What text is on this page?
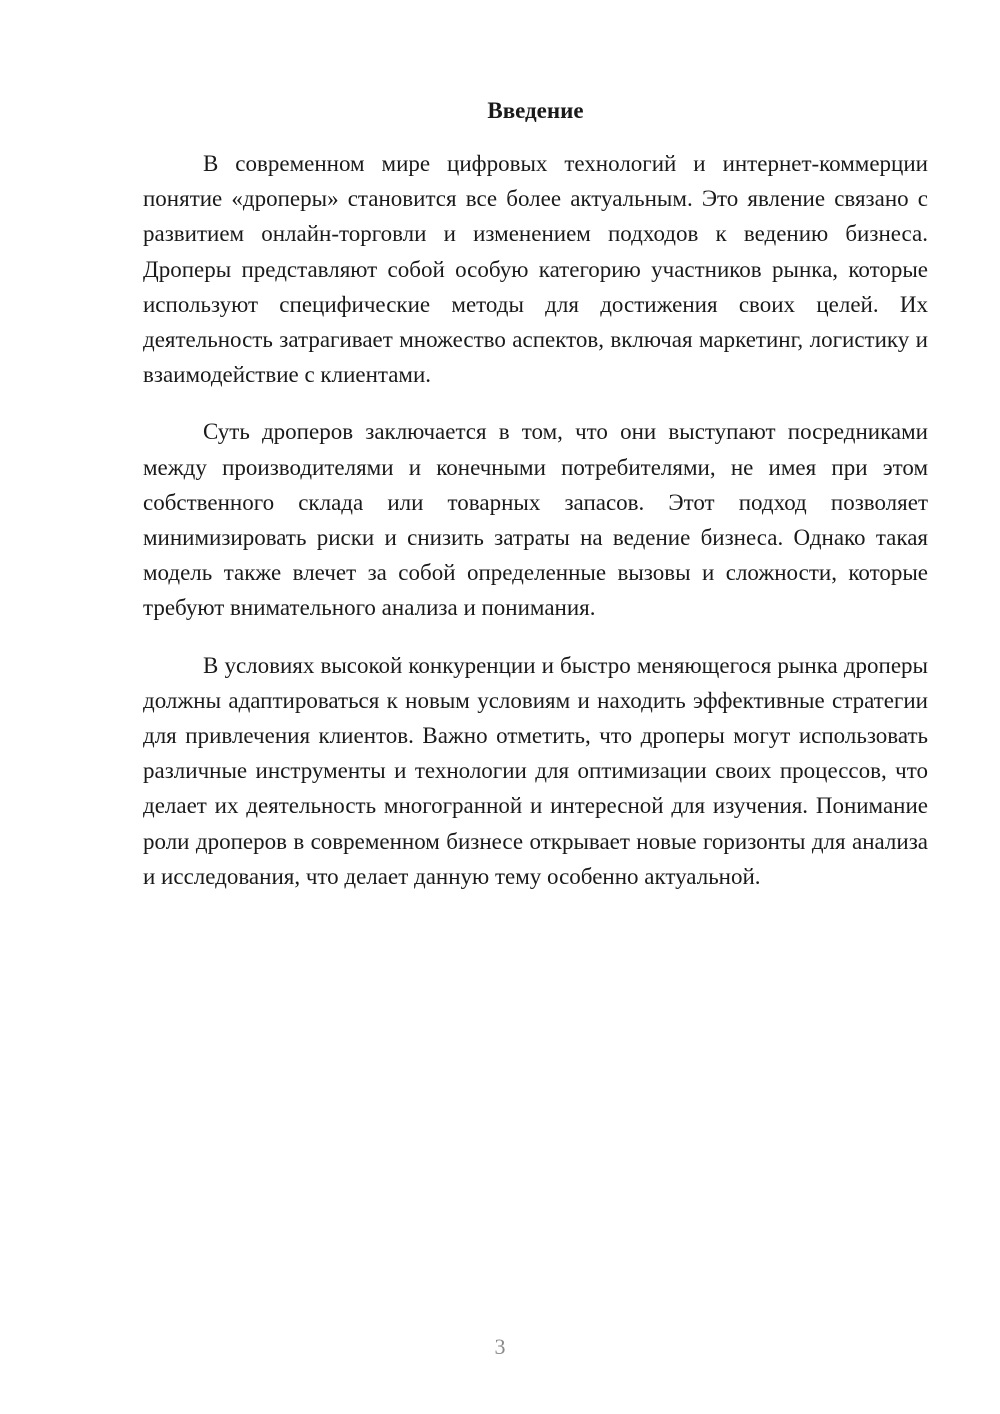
Введение

В современном мире цифровых технологий и интернет-коммерции понятие «дроперы» становится все более актуальным. Это явление связано с развитием онлайн-торговли и изменением подходов к ведению бизнеса. Дроперы представляют собой особую категорию участников рынка, которые используют специфические методы для достижения своих целей. Их деятельность затрагивает множество аспектов, включая маркетинг, логистику и взаимодействие с клиентами.

Суть дроперов заключается в том, что они выступают посредниками между производителями и конечными потребителями, не имея при этом собственного склада или товарных запасов. Этот подход позволяет минимизировать риски и снизить затраты на ведение бизнеса. Однако такая модель также влечет за собой определенные вызовы и сложности, которые требуют внимательного анализа и понимания.

В условиях высокой конкуренции и быстро меняющегося рынка дроперы должны адаптироваться к новым условиям и находить эффективные стратегии для привлечения клиентов. Важно отметить, что дроперы могут использовать различные инструменты и технологии для оптимизации своих процессов, что делает их деятельность многогранной и интересной для изучения. Понимание роли дроперов в современном бизнесе открывает новые горизонты для анализа и исследования, что делает данную тему особенно актуальной.

3
